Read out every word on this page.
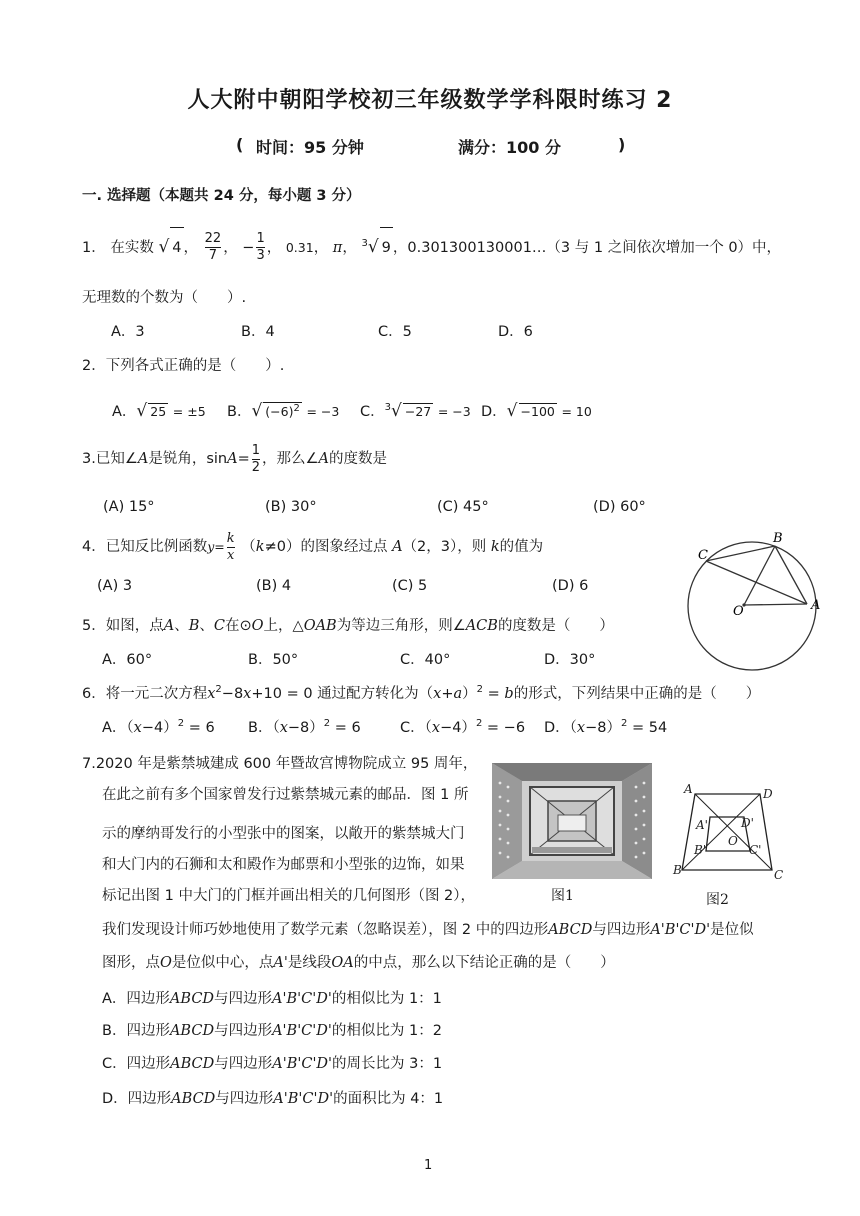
人大附中朝阳学校初三年级数学学科限时练习 2
( 时间：95 分钟	满分：100 分	)
一. 选择题（本题共 24 分，每小题 3 分）
1． 在实数 √ 4 ， $\frac{22}{7}$ ， − $\frac{1}{3}$ ， 0.31， π， $^3$√ 9 ，0.301300130001…（3 与 1 之间依次增加一个 0）中，
无理数的个数为（　　）.
A．3	B．4	C．5	D．6
2．下列各式正确的是（　　）.
A．√ 25 = ±5 B．√ $(-6)^2 = -3$ C．$^3$√ −27 = −3 D．√ −100 = 10
3.已知∠A是锐角，$\sin A= \frac{1}{2}$ ，那么∠A的度数是
(A) 15°	(B) 30°	(C) 45°	(D) 60°
4．已知反比例函数$y= \frac{k}{x} (k\ne 0)$的图象经过点 A（2，3），则 k的值为
(A) 3	(B) 4	(C) 5	(D) 6
C
B
O	A
5．如图，点A、B、C在⊙O上，△OAB为等边三角形，则∠ACB的度数是（　　）
A．60°	B．50°	C．40°	D．30°
6．将一元二次方程$x^2-8x+10 = 0$ 通过配方转化为$(x+a)^2 = b$的形式，下列结果中正确的是（　　）
A．$(x-4)^2 = 6$ B．$(x-8)^2 = 6$	C．$(x-4)^2 = -6$ D．$(x-8)^2 = 54$
7.2020 年是紫禁城建成 600 年暨故宫博物院成立 95 周年，
在此之前有多个国家曾发行过紫禁城元素的邮品．图 1 所
示的摩纳哥发行的小型张中的图案，以敞开的紫禁城大门
和大门内的石狮和太和殿作为邮票和小型张的边饰，如果
标记出图 1 中大门的门框并画出相关的几何图形（图 2），
我们发现设计师巧妙地使用了数学元素（忽略误差），图 2 中的四边形ABCD与四边形A'B'C'D'是位似
图形，点O是位似中心，点A'是线段OA的中点，那么以下结论正确的是（　　）
A．四边形ABCD与四边形A'B'C'D'的相似比为 1：1
B．四边形ABCD与四边形A'B'C'D'的相似比为 1：2
C．四边形ABCD与四边形A'B'C'D'的周长比为 3：1
D．四边形ABCD与四边形A'B'C'D'的面积比为 4：1
图1
A	D
B	C
A'	D'
B'	C'
O
图2
1
